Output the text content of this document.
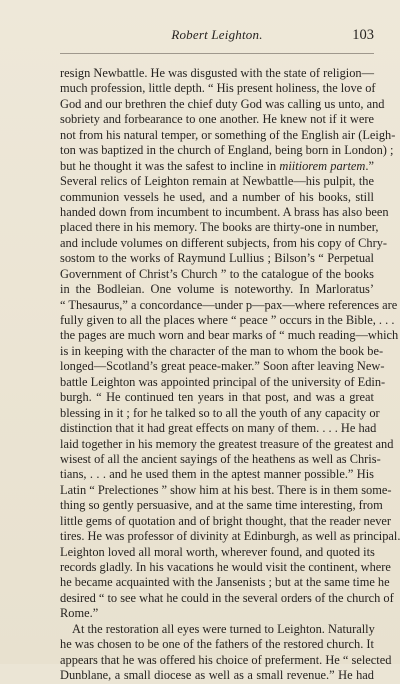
Robert Leighton.	103
resign Newbattle. He was disgusted with the state of religion—
much profession, little depth. “ His present holiness, the love of
God and our brethren the chief duty God was calling us unto, and
sobriety and forbearance to one another. He knew not if it were
not from his natural temper, or something of the English air (Leigh-
ton was baptized in the church of England, being born in London) ;
but he thought it was the safest to incline in miitiorem partem.”
Several relics of Leighton remain at Newbattle—his pulpit, the
communion vessels he used, and a number of his books, still
handed down from incumbent to incumbent. A brass has also been
placed there in his memory. The books are thirty-one in number,
and include volumes on different subjects, from his copy of Chry-
sostom to the works of Raymund Lullius ; Bilson’s “ Perpetual
Government of Christ’s Church ” to the catalogue of the books
in the Bodleian. One volume is noteworthy. In Marloratus’
“ Thesaurus,” a concordance—under p—pax—where references are
fully given to all the places where “ peace ” occurs in the Bible, . . .
the pages are much worn and bear marks of “ much reading—which
is in keeping with the character of the man to whom the book be-
longed—Scotland’s great peace-maker.” Soon after leaving New-
battle Leighton was appointed principal of the university of Edin-
burgh. “ He continued ten years in that post, and was a great
blessing in it ; for he talked so to all the youth of any capacity or
distinction that it had great effects on many of them. . . . He had
laid together in his memory the greatest treasure of the greatest and
wisest of all the ancient sayings of the heathens as well as Chris-
tians, . . . and he used them in the aptest manner possible.” His
Latin “ Prelectiones ” show him at his best. There is in them some-
thing so gently persuasive, and at the same time interesting, from
little gems of quotation and of bright thought, that the reader never
tires. He was professor of divinity at Edinburgh, as well as principal.
Leighton loved all moral worth, wherever found, and quoted its
records gladly. In his vacations he would visit the continent, where
he became acquainted with the Jansenists ; but at the same time he
desired “ to see what he could in the several orders of the church of
Rome.”
At the restoration all eyes were turned to Leighton. Naturally
he was chosen to be one of the fathers of the restored church. It
appears that he was offered his choice of preferment. He “ selected
Dunblane, a small diocese as well as a small revenue.” He had
